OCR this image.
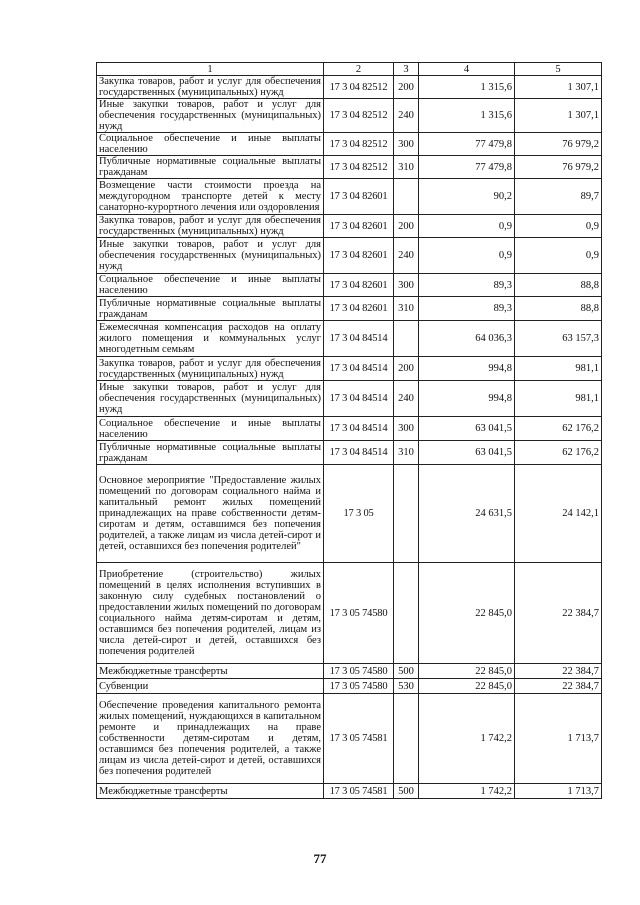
1	2	3	4	5
Закупка товаров, работ и услуг для обеспечения государственных (муниципальных) нужд	17 3 04 82512	200	1 315,6	1 307,1
Иные закупки товаров, работ и услуг для обеспечения государственных (муниципальных) нужд	17 3 04 82512	240	1 315,6	1 307,1
Социальное обеспечение и иные выплаты населению	17 3 04 82512	300	77 479,8	76 979,2
Публичные нормативные социальные выплаты гражданам	17 3 04 82512	310	77 479,8	76 979,2
Возмещение части стоимости проезда на междугородном транспорте детей к месту санаторно-курортного лечения или оздоровления	17 3 04 82601		90,2	89,7
Закупка товаров, работ и услуг для обеспечения государственных (муниципальных) нужд	17 3 04 82601	200	0,9	0,9
Иные закупки товаров, работ и услуг для обеспечения государственных (муниципальных) нужд	17 3 04 82601	240	0,9	0,9
Социальное обеспечение и иные выплаты населению	17 3 04 82601	300	89,3	88,8
Публичные нормативные социальные выплаты гражданам	17 3 04 82601	310	89,3	88,8
Ежемесячная компенсация расходов на оплату жилого помещения и коммунальных услуг многодетным семьям	17 3 04 84514		64 036,3	63 157,3
Закупка товаров, работ и услуг для обеспечения государственных (муниципальных) нужд	17 3 04 84514	200	994,8	981,1
Иные закупки товаров, работ и услуг для обеспечения государственных (муниципальных) нужд	17 3 04 84514	240	994,8	981,1
Социальное обеспечение и иные выплаты населению	17 3 04 84514	300	63 041,5	62 176,2
Публичные нормативные социальные выплаты гражданам	17 3 04 84514	310	63 041,5	62 176,2
Основное мероприятие "Предоставление жилых помещений по договорам социального найма и капитальный ремонт жилых помещений принадлежащих на праве собственности детям-сиротам и детям, оставшимся без попечения родителей, а также лицам из числа детей-сирот и детей, оставшихся без попечения родителей"	17 3 05		24 631,5	24 142,1
Приобретение (строительство) жилых помещений в целях исполнения вступивших в законную силу судебных постановлений о предоставлении жилых помещений по договорам социального найма детям-сиротам и детям, оставшимся без попечения родителей, лицам из числа детей-сирот и детей, оставшихся без попечения родителей	17 3 05 74580		22 845,0	22 384,7
Межбюджетные трансферты	17 3 05 74580	500	22 845,0	22 384,7
Субвенции	17 3 05 74580	530	22 845,0	22 384,7
Обеспечение проведения капитального ремонта жилых помещений, нуждающихся в капитальном ремонте и принадлежащих на праве собственности детям-сиротам и детям, оставшимся без попечения родителей, а также лицам из числа детей-сирот и детей, оставшихся без попечения родителей	17 3 05 74581		1 742,2	1 713,7
Межбюджетные трансферты	17 3 05 74581	500	1 742,2	1 713,7
77
